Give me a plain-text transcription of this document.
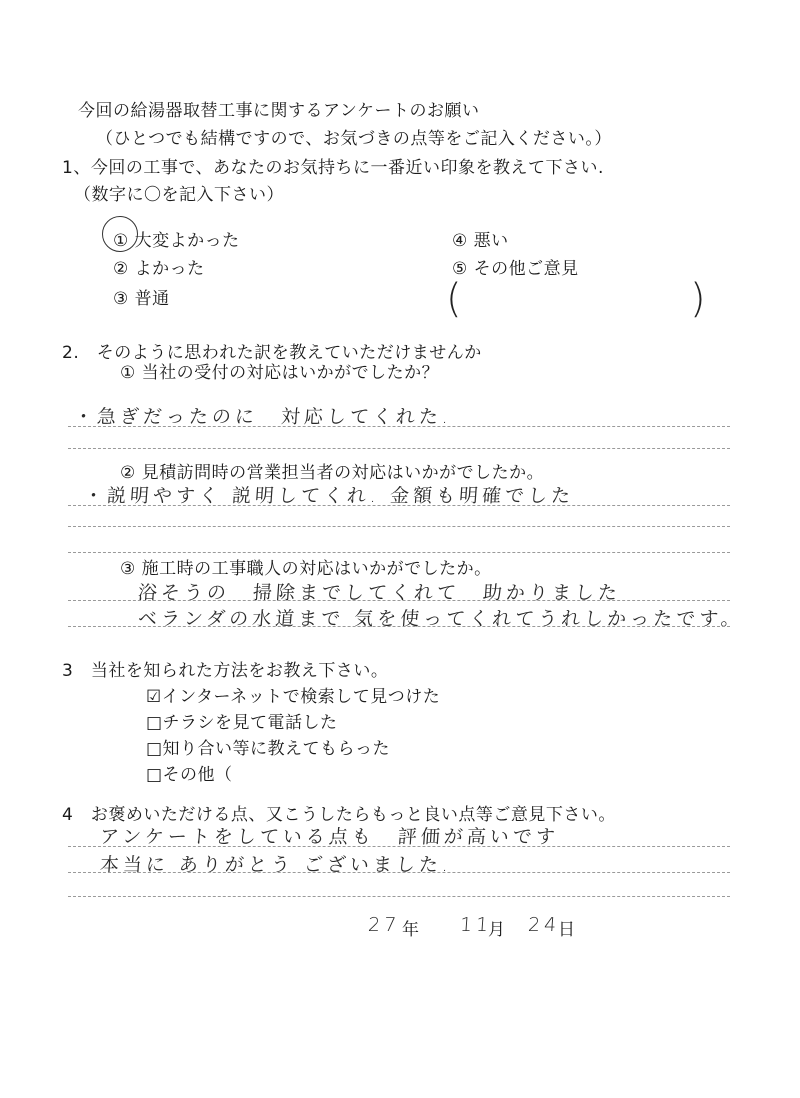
今回の給湯器取替工事に関するアンケートのお願い
（ひとつでも結構ですので、お気づきの点等をご記入ください。）
1、今回の工事で、あなたのお気持ちに一番近い印象を教えて下さい.
（数字に〇を記入下さい）
① 大変よかった
② よかった
③ 普通
④ 悪い
⑤ その他ご意見
(	)
2.　そのように思われた訳を教えていただけませんか
① 当社の受付の対応はいかがでしたか？
・急ぎだったのに　対応してくれた.
② 見積訪問時の営業担当者の対応はいかがでしたか。
・説明やすく 説明してくれ. 金額も明確でした
③ 施工時の工事職人の対応はいかがでしたか。
浴そうの　掃除までしてくれて　助かりました
ベランダの水道まで 気を使ってくれてうれしかったです。
3　当社を知られた方法をお教え下さい。
☑インターネットで検索して見つけた
□チラシを見て電話した
□知り合い等に教えてもらった
□その他（
4　お褒めいただける点、又こうしたらもっと良い点等ご意見下さい。
アンケートをしている点も　評価が高いです
本当に ありがとう ございました.
27 年 11
月 24
日
